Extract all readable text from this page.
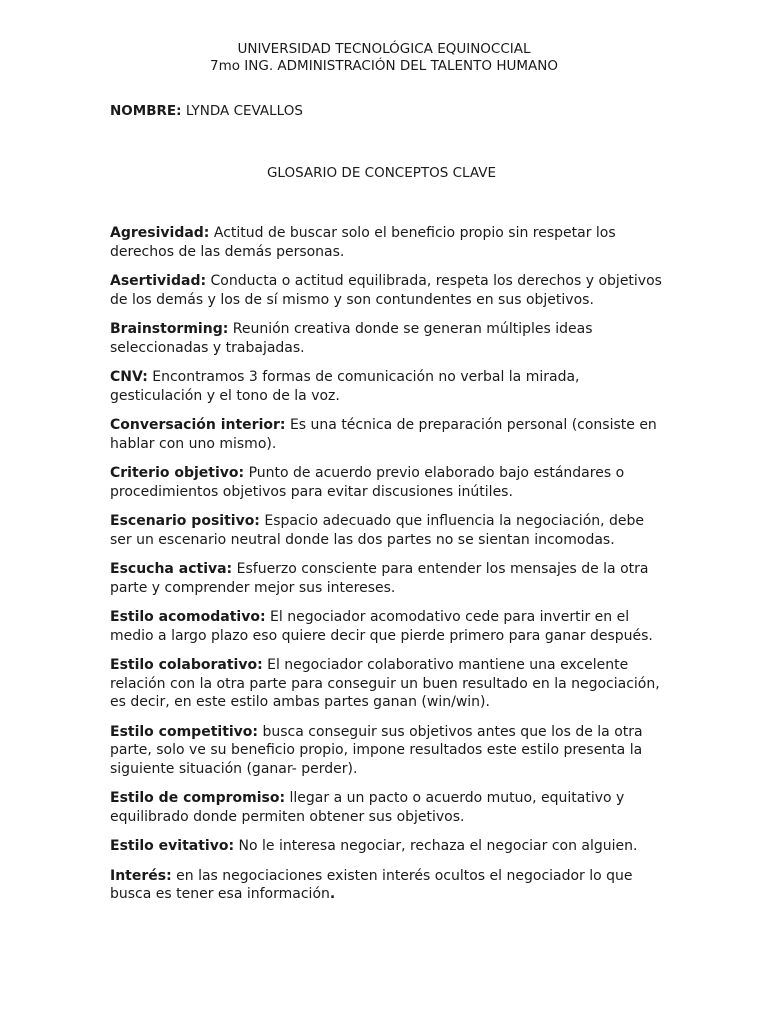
UNIVERSIDAD TECNOLÓGICA EQUINOCCIAL
7mo ING. ADMINISTRACIÓN DEL TALENTO HUMANO
NOMBRE: LYNDA CEVALLOS
GLOSARIO DE CONCEPTOS CLAVE
Agresividad: Actitud de buscar solo el beneficio propio sin respetar los derechos de las demás personas.
Asertividad: Conducta o actitud equilibrada, respeta los derechos y objetivos de los demás y los de sí mismo y son contundentes en sus objetivos.
Brainstorming: Reunión creativa donde se generan múltiples ideas seleccionadas y trabajadas.
CNV: Encontramos 3 formas de comunicación no verbal la mirada, gesticulación y el tono de la voz.
Conversación interior: Es una técnica de preparación personal (consiste en hablar con uno mismo).
Criterio objetivo: Punto de acuerdo previo elaborado bajo estándares o procedimientos objetivos para evitar discusiones inútiles.
Escenario positivo: Espacio adecuado que influencia la negociación, debe ser un escenario neutral donde las dos partes no se sientan incomodas.
Escucha activa: Esfuerzo consciente para entender los mensajes de la otra parte y comprender mejor sus intereses.
Estilo acomodativo: El negociador acomodativo cede para invertir en el medio a largo plazo eso quiere decir que pierde primero para ganar después.
Estilo colaborativo: El negociador colaborativo mantiene una excelente relación con la otra parte para conseguir un buen resultado en la negociación, es decir, en este estilo ambas partes ganan (win/win).
Estilo competitivo: busca conseguir sus objetivos antes que los de la otra parte, solo ve su beneficio propio, impone resultados este estilo presenta la siguiente situación (ganar- perder).
Estilo de compromiso: llegar a un pacto o acuerdo mutuo, equitativo y equilibrado donde permiten obtener sus objetivos.
Estilo evitativo: No le interesa negociar, rechaza el negociar con alguien.
Interés: en las negociaciones existen interés ocultos el negociador lo que busca es tener esa información.
